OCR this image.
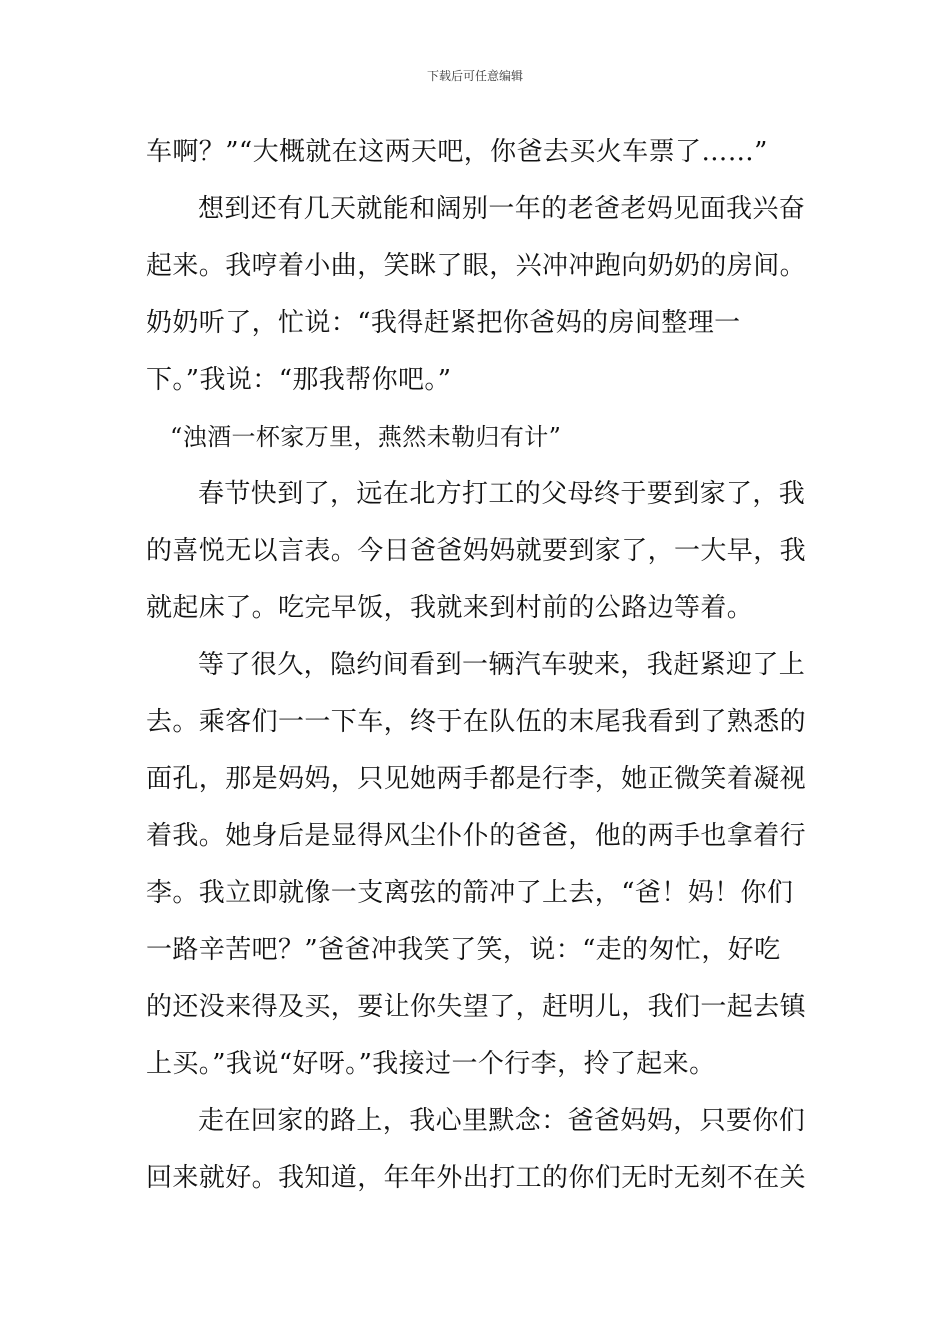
下载后可任意编辑

车啊？”“大概就在这两天吧，你爸去买火车票了……”

想到还有几天就能和阔别一年的老爸老妈见面我兴奋
起来。我哼着小曲，笑眯了眼，兴冲冲跑向奶奶的房间。
奶奶听了，忙说：“我得赶紧把你爸妈的房间整理一
下。”我说：“那我帮你吧。”

“浊酒一杯家万里，燕然未勒归有计”

春节快到了，远在北方打工的父母终于要到家了，我
的喜悦无以言表。今日爸爸妈妈就要到家了，一大早，我
就起床了。吃完早饭，我就来到村前的公路边等着。

等了很久，隐约间看到一辆汽车驶来，我赶紧迎了上
去。乘客们一一下车，终于在队伍的末尾我看到了熟悉的
面孔，那是妈妈，只见她两手都是行李，她正微笑着凝视
着我。她身后是显得风尘仆仆的爸爸，他的两手也拿着行
李。我立即就像一支离弦的箭冲了上去，“爸！妈！你们
一路辛苦吧？”爸爸冲我笑了笑，说：“走的匆忙，好吃
的还没来得及买，要让你失望了，赶明儿，我们一起去镇
上买。”我说“好呀。”我接过一个行李，拎了起来。

走在回家的路上，我心里默念：爸爸妈妈，只要你们
回来就好。我知道，年年外出打工的你们无时无刻不在关
